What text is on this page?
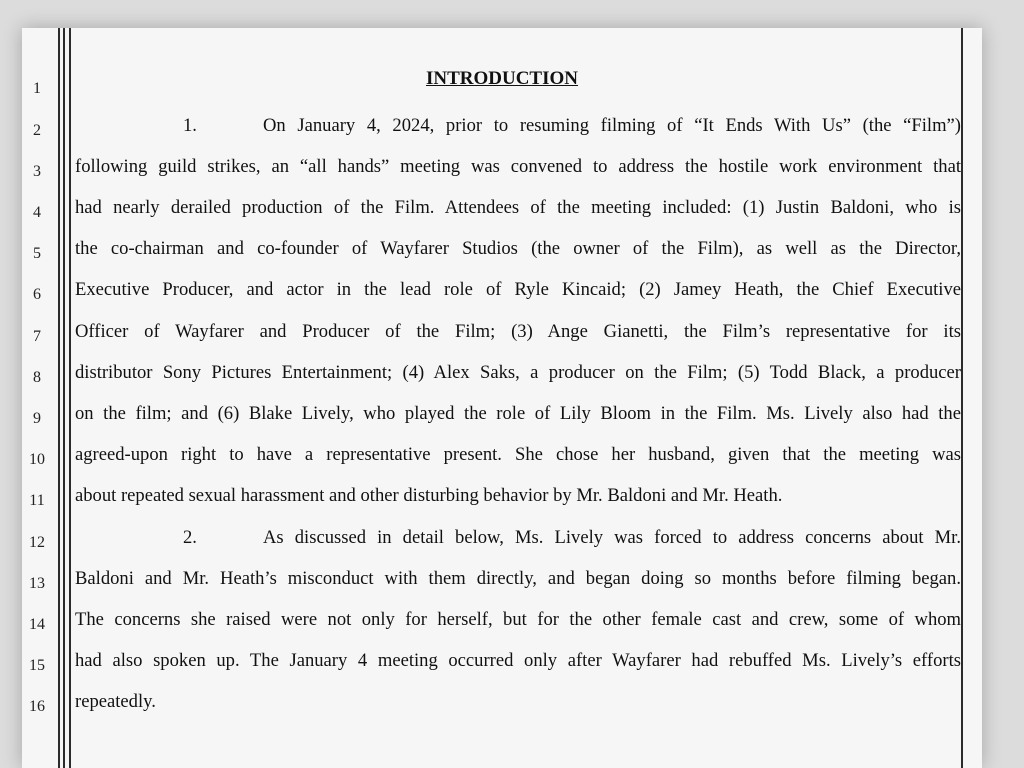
1
2
3
4
5
6
7
8
9
10
11
12
13
14
15
16
INTRODUCTION
1.	On January 4, 2024, prior to resuming filming of “It Ends With Us” (the “Film”)
following guild strikes, an “all hands” meeting was convened to address the hostile work environment that
had nearly derailed production of the Film. Attendees of the meeting included: (1) Justin Baldoni, who is
the co-chairman and co-founder of Wayfarer Studios (the owner of the Film), as well as the Director,
Executive Producer, and actor in the lead role of Ryle Kincaid; (2) Jamey Heath, the Chief Executive
Officer of Wayfarer and Producer of the Film; (3) Ange Gianetti, the Film’s representative for its
distributor Sony Pictures Entertainment; (4) Alex Saks, a producer on the Film; (5) Todd Black, a producer
on the film; and (6) Blake Lively, who played the role of Lily Bloom in the Film. Ms. Lively also had the
agreed-upon right to have a representative present. She chose her husband, given that the meeting was
about repeated sexual harassment and other disturbing behavior by Mr. Baldoni and Mr. Heath.
2.	As discussed in detail below, Ms. Lively was forced to address concerns about Mr.
Baldoni and Mr. Heath’s misconduct with them directly, and began doing so months before filming began.
The concerns she raised were not only for herself, but for the other female cast and crew, some of whom
had also spoken up. The January 4 meeting occurred only after Wayfarer had rebuffed Ms. Lively’s efforts
repeatedly.
